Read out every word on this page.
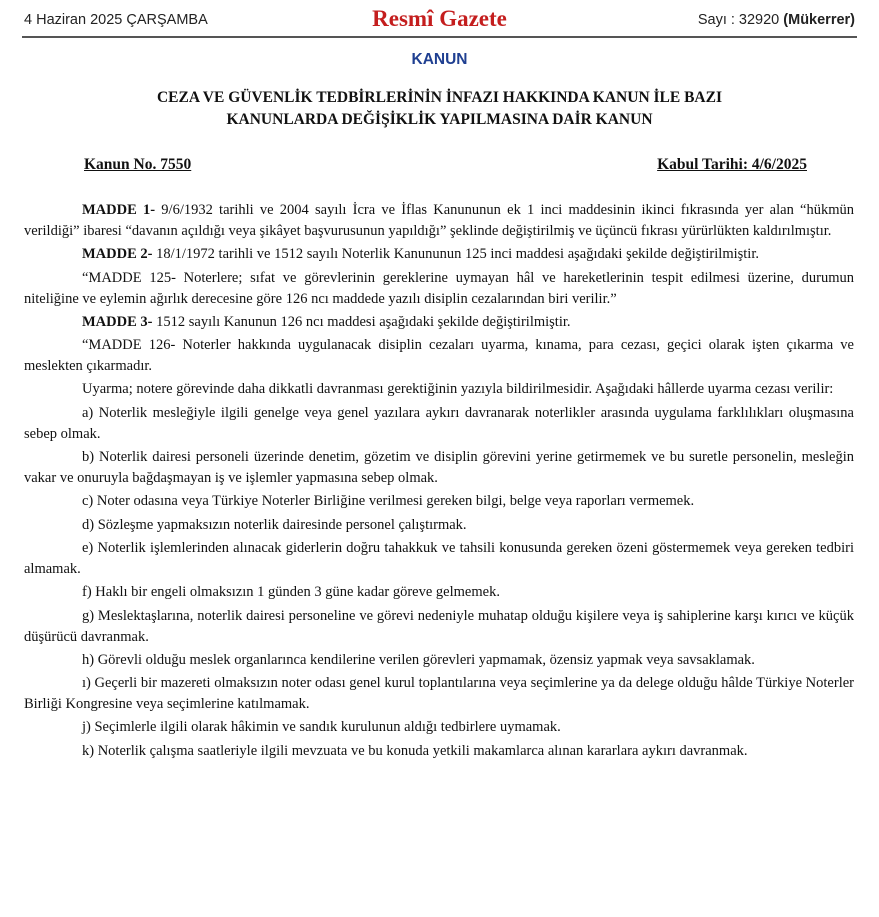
4 Haziran 2025 ÇARŞAMBA	Resmî Gazete	Sayı : 32920 (Mükerrer)
KANUN
CEZA VE GÜVENLİK TEDBİRLERİNİN İNFAZI HAKKINDA KANUN İLE BAZI
KANUNLARDA DEĞİŞİKLİK YAPILMASINA DAİR KANUN
Kanun No. 7550	Kabul Tarihi: 4/6/2025

MADDE 1- 9/6/1932 tarihli ve 2004 sayılı İcra ve İflas Kanununun ek 1 inci maddesinin ikinci fıkrasında yer alan “hükmün verildiği” ibaresi “davanın açıldığı veya şikâyet başvurusunun yapıldığı” şeklinde değiştirilmiş ve üçüncü fıkrası yürürlükten kaldırılmıştır.

MADDE 2- 18/1/1972 tarihli ve 1512 sayılı Noterlik Kanununun 125 inci maddesi aşağıdaki şekilde değiştirilmiştir.

“MADDE 125- Noterlere; sıfat ve görevlerinin gereklerine uymayan hâl ve hareketlerinin tespit edilmesi üzerine, durumun niteliğine ve eylemin ağırlık derecesine göre 126 ncı maddede yazılı disiplin cezalarından biri verilir.”

MADDE 3- 1512 sayılı Kanunun 126 ncı maddesi aşağıdaki şekilde değiştirilmiştir.

“MADDE 126- Noterler hakkında uygulanacak disiplin cezaları uyarma, kınama, para cezası, geçici olarak işten çıkarma ve meslekten çıkarmadır.

Uyarma; notere görevinde daha dikkatli davranması gerektiğinin yazıyla bildirilmesidir. Aşağıdaki hâllerde uyarma cezası verilir:

a) Noterlik mesleğiyle ilgili genelge veya genel yazılara aykırı davranarak noterlikler arasında uygulama farklılıkları oluşmasına sebep olmak.

b) Noterlik dairesi personeli üzerinde denetim, gözetim ve disiplin görevini yerine getirmemek ve bu suretle personelin, mesleğin vakar ve onuruyla bağdaşmayan iş ve işlemler yapmasına sebep olmak.

c) Noter odasına veya Türkiye Noterler Birliğine verilmesi gereken bilgi, belge veya raporları vermemek.

d) Sözleşme yapmaksızın noterlik dairesinde personel çalıştırmak.

e) Noterlik işlemlerinden alınacak giderlerin doğru tahakkuk ve tahsili konusunda gereken özeni göstermemek veya gereken tedbiri almamak.

f) Haklı bir engeli olmaksızın 1 günden 3 güne kadar göreve gelmemek.

g) Meslektaşlarına, noterlik dairesi personeline ve görevi nedeniyle muhatap olduğu kişilere veya iş sahiplerine karşı kırıcı ve küçük düşürücü davranmak.

h) Görevli olduğu meslek organlarınca kendilerine verilen görevleri yapmamak, özensiz yapmak veya savsaklamak.

ı) Geçerli bir mazereti olmaksızın noter odası genel kurul toplantılarına veya seçimlerine ya da delege olduğu hâlde Türkiye Noterler Birliği Kongresine veya seçimlerine katılmamak.

j) Seçimlerle ilgili olarak hâkimin ve sandık kurulunun aldığı tedbirlere uymamak.

k) Noterlik çalışma saatleriyle ilgili mevzuata ve bu konuda yetkili makamlarca alınan kararlara aykırı davranmak.
